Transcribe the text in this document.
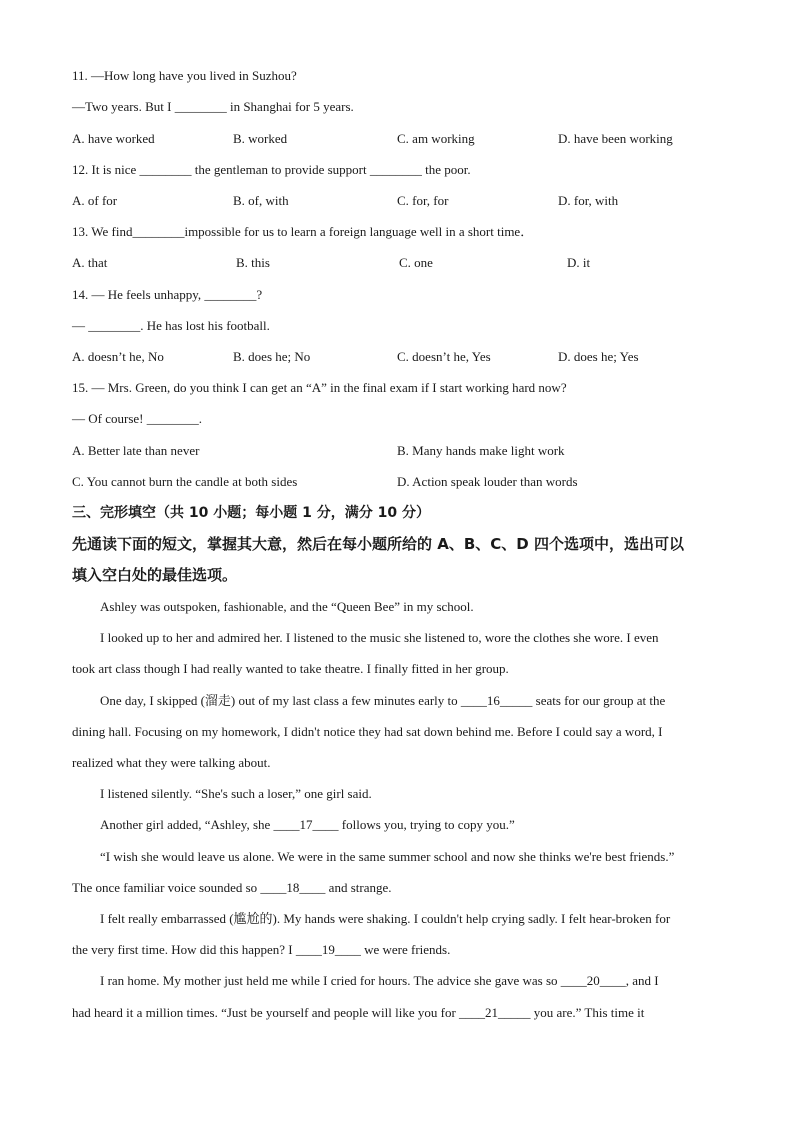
11. —How long have you lived in Suzhou?
—Two years. But I ________ in Shanghai for 5 years.
A. have worked	B. worked	C. am working	D. have been working
12. It is nice ________ the gentleman to provide support ________ the poor.
A. of for	B. of, with	C. for, for	D. for, with
13. We find________impossible for us to learn a foreign language well in a short time．
A. that	B. this	C. one	D. it
14. — He feels unhappy, ________?
— ________. He has lost his football.
A. doesn’t he, No	B. does he; No	C. doesn’t he, Yes	D. does he; Yes
15. — Mrs. Green, do you think I can get an “A” in the final exam if I start working hard now?
— Of course! ________.
A. Better late than never	B. Many hands make light work
C. You cannot burn the candle at both sides	D. Action speak louder than words
三、完形填空（共 10 小题；每小题 1 分，满分 10 分）
先通读下面的短文，掌握其大意，然后在每小题所给的 A、B、C、D 四个选项中，选出可以
填入空白处的最佳选项。
Ashley was outspoken, fashionable, and the “Queen Bee” in my school.
I looked up to her and admired her. I listened to the music she listened to, wore the clothes she wore. I even
took art class though I had really wanted to take theatre. I finally fitted in her group.
One day, I skipped (溜走) out of my last class a few minutes early to ____16_____ seats for our group at the
dining hall. Focusing on my homework, I didn't notice they had sat down behind me. Before I could say a word, I
realized what they were talking about.
I listened silently. “She's such a loser,” one girl said.
Another girl added, “Ashley, she ____17____ follows you, trying to copy you.”
“I wish she would leave us alone. We were in the same summer school and now she thinks we're best friends.”
The once familiar voice sounded so ____18____ and strange.
I felt really embarrassed (尴尬的). My hands were shaking. I couldn't help crying sadly. I felt hear-broken for
the very first time. How did this happen? I ____19____ we were friends.
I ran home. My mother just held me while I cried for hours. The advice she gave was so ____20____, and I
had heard it a million times. “Just be yourself and people will like you for ____21_____ you are.” This time it
